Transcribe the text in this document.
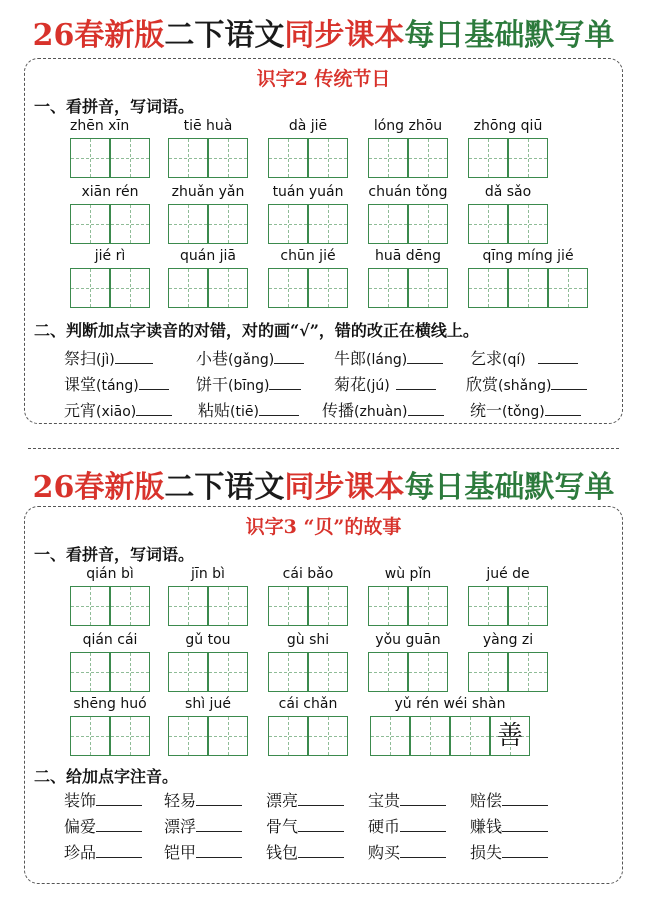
26春新版二下语文同步课本每日基础默写单
识字2 传统节日
一、看拼音，写词语。
zhēn xīn	tiē huà	dà jiē	lóng zhōu	zhōng qiū
xiān rén	zhuǎn yǎn	tuán yuán	chuán tǒng	dǎ sǎo
jié rì	quán jiā	chūn jié	huā dēng	qīng míng jié
二、判断加点字读音的对错，对的画“√”，错的改正在横线上。
祭扫(jì)	小巷(gǎng)	牛郎(láng)	乞求(qí)
课堂(táng)	饼干(bīng)	菊花(jú)	欣赏(shǎng)
元宵(xiāo)	粘贴(tiē)	传播(zhuàn)	统一(tǒng)
26春新版二下语文同步课本每日基础默写单
识字3 “贝”的故事
一、看拼音，写词语。
qián bì	jīn bì	cái bǎo	wù pǐn	jué de
qián cái	gǔ tou	gù shi	yǒu guān	yàng zi
shēng huó	shì jué	cái chǎn	yǔ rén wéi shàn
善
二、给加点字注音。
装饰	轻易	漂亮	宝贵	赔偿
偏爱	漂浮	骨气	硬币	赚钱
珍品	铠甲	钱包	购买	损失
